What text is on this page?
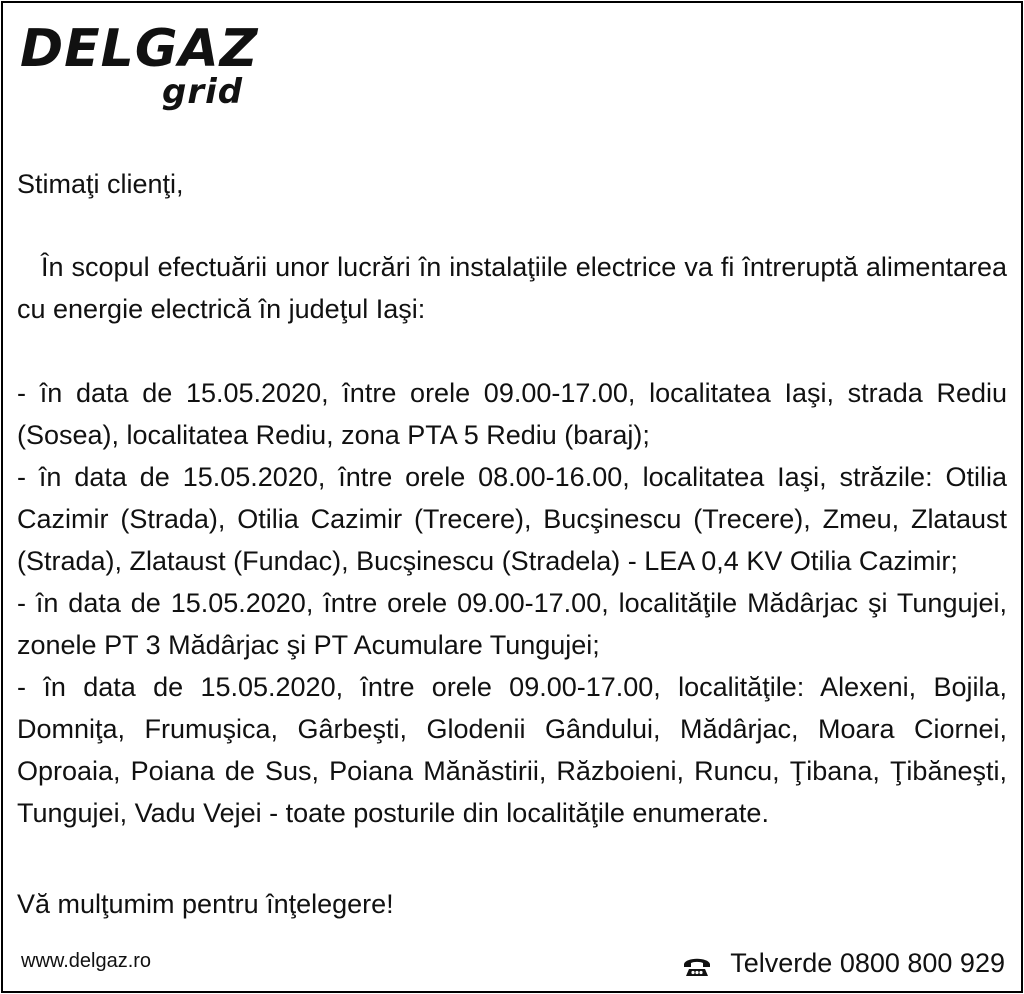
DELGAZ
grid
Stimaţi clienţi,
În scopul efectuării unor lucrări în instalaţiile electrice va fi întreruptă alimentarea cu energie electrică în judeţul Iaşi:
- în data de 15.05.2020, între orele 09.00-17.00, localitatea Iaşi, strada Rediu (Sosea), localitatea Rediu, zona PTA 5 Rediu (baraj);
- în data de 15.05.2020, între orele 08.00-16.00, localitatea Iaşi, străzile: Otilia Cazimir (Strada), Otilia Cazimir (Trecere), Bucşinescu (Trecere), Zmeu, Zlataust (Strada), Zlataust (Fundac), Bucşinescu (Stradela) - LEA 0,4 KV Otilia Cazimir;
- în data de 15.05.2020, între orele 09.00-17.00, localităţile Mădârjac şi Tungujei, zonele PT 3 Mădârjac şi PT Acumulare Tungujei;
- în data de 15.05.2020, între orele 09.00-17.00, localităţile: Alexeni, Bojila, Domniţa, Frumuşica, Gârbeşti, Glodenii Gândului, Mădârjac, Moara Ciornei, Oproaia, Poiana de Sus, Poiana Mănăstirii, Războieni, Runcu, Ţibana, Ţibăneşti, Tungujei, Vadu Vejei - toate posturile din localităţile enumerate.
Vă mulţumim pentru înţelegere!
www.delgaz.ro	Telverde 0800 800 929
